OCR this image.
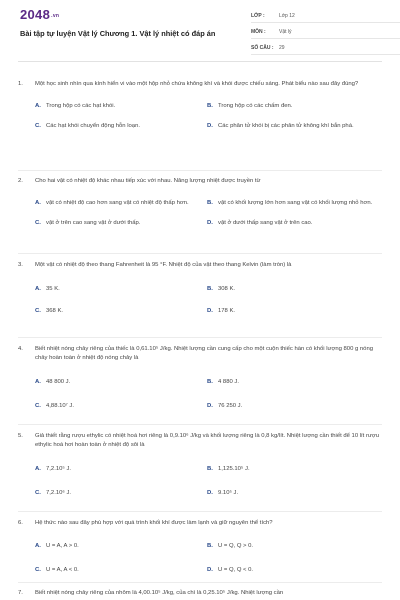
$2048^{.vn}$
Bài tập tự luyện Vật lý Chương 1. Vật lý nhiệt có đáp án
LỚP :	Lớp 12
MÔN :	Vật lý
SỐ CÂU :	29
1.	Một học sinh nhìn qua kính hiển vi vào một hộp nhỏ chứa không khí và khói được chiếu sáng. Phát biểu nào sau đây đúng?
A. Trong hộp có các hạt khói.	B. Trong hộp có các chấm đen.
C. Các hạt khói chuyển động hỗn loạn.	D. Các phân tử khói bị các phân tử không khí bắn phá.
2.	Cho hai vật có nhiệt độ khác nhau tiếp xúc với nhau. Năng lượng nhiệt được truyền từ
A. vật có nhiệt độ cao hơn sang vật có nhiệt độ thấp hơn.	B. vật có khối lượng lớn hơn sang vật có khối lượng nhỏ hơn.
C. vật ở trên cao sang vật ở dưới thấp.	D. vật ở dưới thấp sang vật ở trên cao.
3.	Một vật có nhiệt độ theo thang Fahrenheit là 95 °F. Nhiệt độ của vật theo thang Kelvin (làm tròn) là
A. 35 K.	B. 308 K.
C. 368 K.	D. 178 K.
4.	Biết nhiệt nóng chảy riêng của thiếc là 0,61.10⁵ J/kg. Nhiệt lượng cần cung cấp cho một cuộn thiếc hàn có khối lượng 800 g nóng chảy hoàn toàn ở nhiệt độ nóng chảy là
A. 48 800 J.	B. 4 880 J.
C. 4,88.10⁷ J.	D. 76 250 J.
5.	Giả thiết rằng rượu ethylic có nhiệt hoá hơi riêng là 0,9.10⁶ J/kg và khối lượng riêng là 0,8 kg/lít. Nhiệt lượng cần thiết để 10 lít rượu ethylic hoá hơi hoàn toàn ở nhiệt độ sôi là
A. 7,2.10⁵ J.	B. 1,125.10⁵ J.
C. 7,2.10⁶ J.	D. 9.10⁵ J.
6.	Hệ thức nào sau đây phù hợp với quá trình khối khí được làm lạnh và giữ nguyên thể tích?
A. U = A, A > 0.	B. U = Q, Q > 0.
C. U = A, A < 0.	D. U = Q, Q < 0.
7.	Biết nhiệt nóng chảy riêng của nhôm là 4,00.10⁵ J/kg, của chì là 0,25.10⁵ J/kg. Nhiệt lượng cần
